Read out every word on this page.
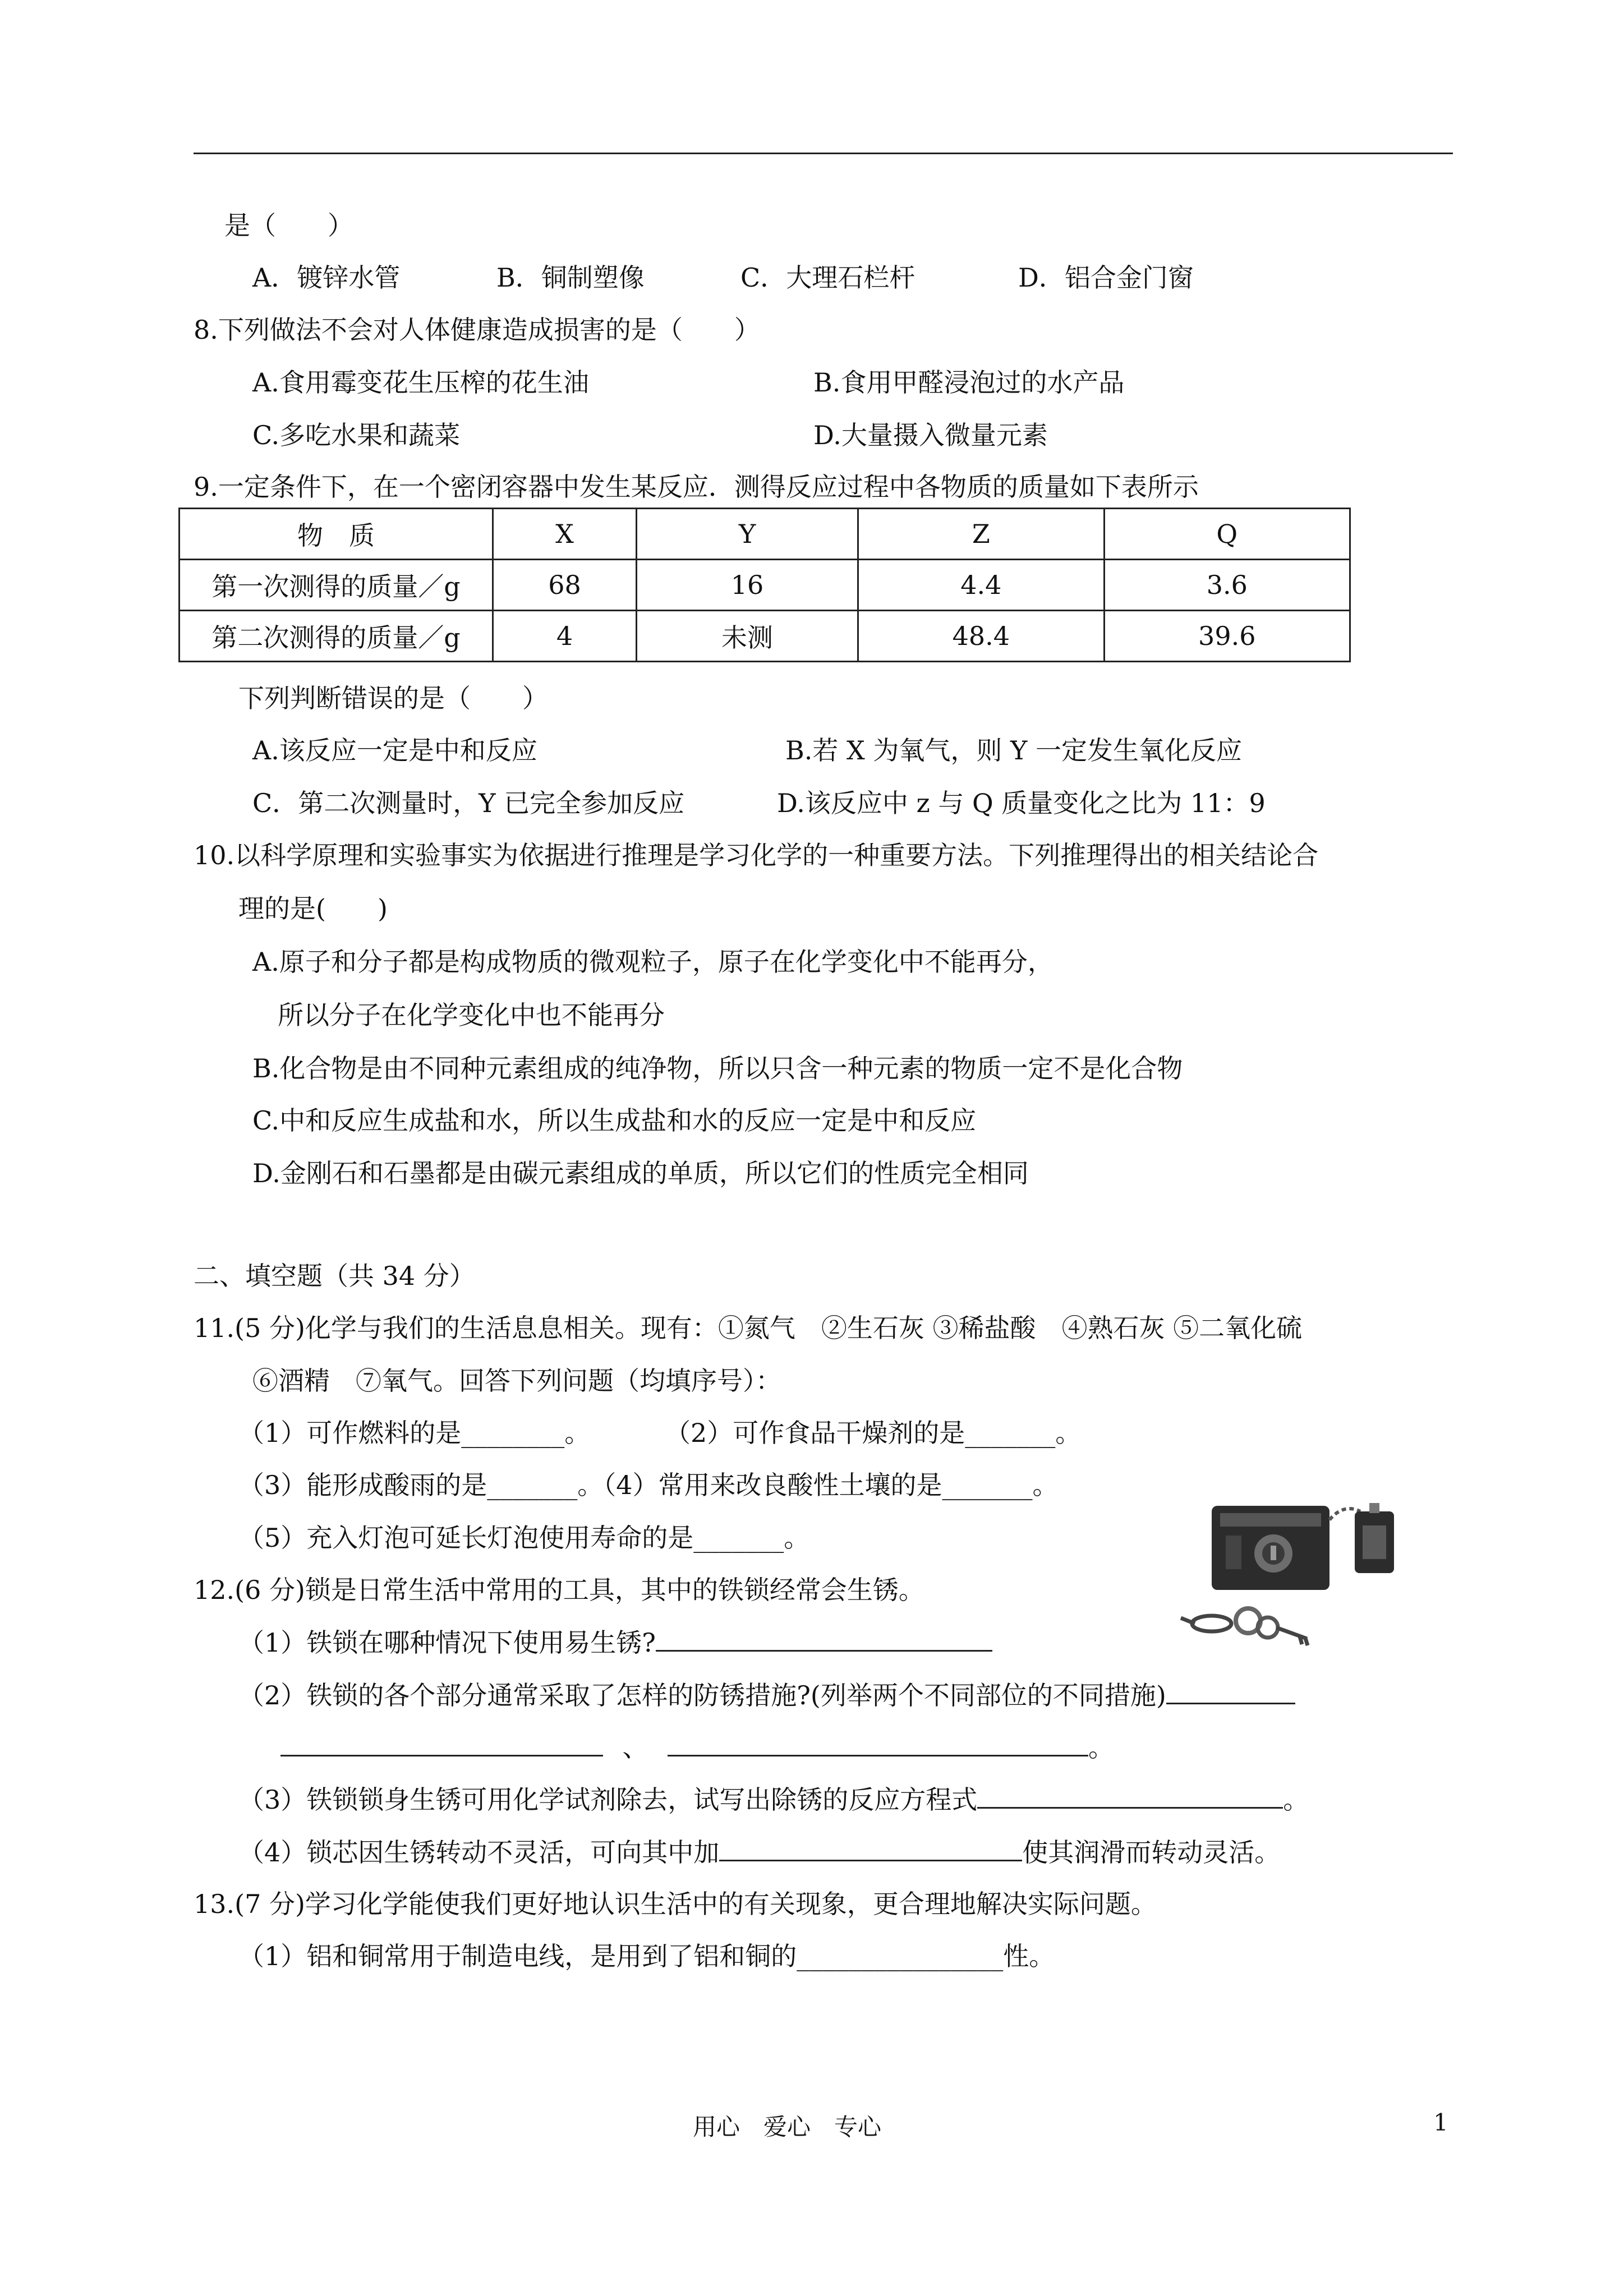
是（　　）
A．镀锌水管	B．铜制塑像	C．大理石栏杆	D．铝合金门窗
8.下列做法不会对人体健康造成损害的是（　　）
A.食用霉变花生压榨的花生油	B.食用甲醛浸泡过的水产品
C.多吃水果和蔬菜	D.大量摄入微量元素
9.一定条件下，在一个密闭容器中发生某反应．测得反应过程中各物质的质量如下表所示
物　质	X	Y	Z	Q
第一次测得的质量／g	68	16	4.4	3.6
第二次测得的质量／g	4	未测	48.4	39.6
下列判断错误的是（　　）
A.该反应一定是中和反应	B.若 X 为氧气，则 Y 一定发生氧化反应
C．第二次测量时，Y 已完全参加反应	D.该反应中 z 与 Q 质量变化之比为 11：9
10.以科学原理和实验事实为依据进行推理是学习化学的一种重要方法。下列推理得出的相关结论合
理的是(　　)
A.原子和分子都是构成物质的微观粒子，原子在化学变化中不能再分，
所以分子在化学变化中也不能再分
B.化合物是由不同种元素组成的纯净物，所以只含一种元素的物质一定不是化合物
C.中和反应生成盐和水，所以生成盐和水的反应一定是中和反应
D.金刚石和石墨都是由碳元素组成的单质，所以它们的性质完全相同
二、填空题（共 34 分）
11.(5 分)化学与我们的生活息息相关。现有：①氮气　②生石灰 ③稀盐酸　④熟石灰 ⑤二氧化硫
⑥酒精　⑦氧气。回答下列问题（均填序号）：
（1）可作燃料的是________。	（2）可作食品干燥剂的是_______。
（3）能形成酸雨的是_______。（4）常用来改良酸性土壤的是_______。
（5）充入灯泡可延长灯泡使用寿命的是_______。
12.(6 分)锁是日常生活中常用的工具，其中的铁锁经常会生锈。
（1）铁锁在哪种情况下使用易生锈?
（2）铁锁的各个部分通常采取了怎样的防锈措施?(列举两个不同部位的不同措施)
、	。
（3）铁锁锁身生锈可用化学试剂除去，试写出除锈的反应方程式	。
（4）锁芯因生锈转动不灵活，可向其中加	使其润滑而转动灵活。
13.(7 分)学习化学能使我们更好地认识生活中的有关现象，更合理地解决实际问题。
（1）铝和铜常用于制造电线，是用到了铝和铜的________________性。
用心　爱心　专心	1
